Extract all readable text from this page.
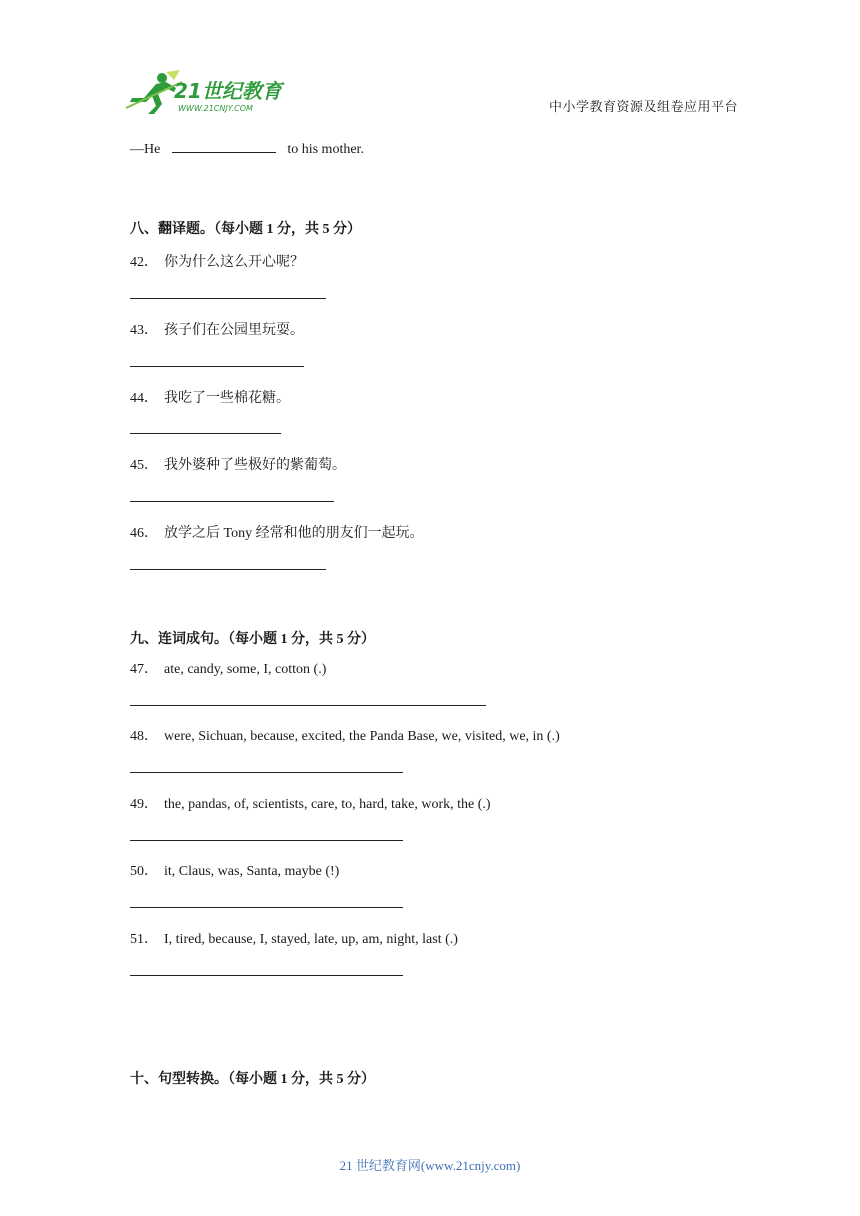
21世纪教育
WWW.21CNJY.COM	中小学教育资源及组卷应用平台
—He	to his mother.
八、翻译题。（每小题 1 分，共 5 分）
42． 你为什么这么开心呢？
43． 孩子们在公园里玩耍。
44． 我吃了一些棉花糖。
45． 我外婆种了些极好的紫葡萄。
46． 放学之后 Tony 经常和他的朋友们一起玩。
九、连词成句。（每小题 1 分，共 5 分）
47． ate, candy, some, I, cotton (.)
48． were, Sichuan, because, excited, the Panda Base, we, visited, we, in (.)
49． the, pandas, of, scientists, care, to, hard, take, work, the (.)
50． it, Claus, was, Santa, maybe (!)
51． I, tired, because, I, stayed, late, up, am, night, last (.)
十、句型转换。（每小题 1 分，共 5 分）
21 世纪教育网(www.21cnjy.com)
